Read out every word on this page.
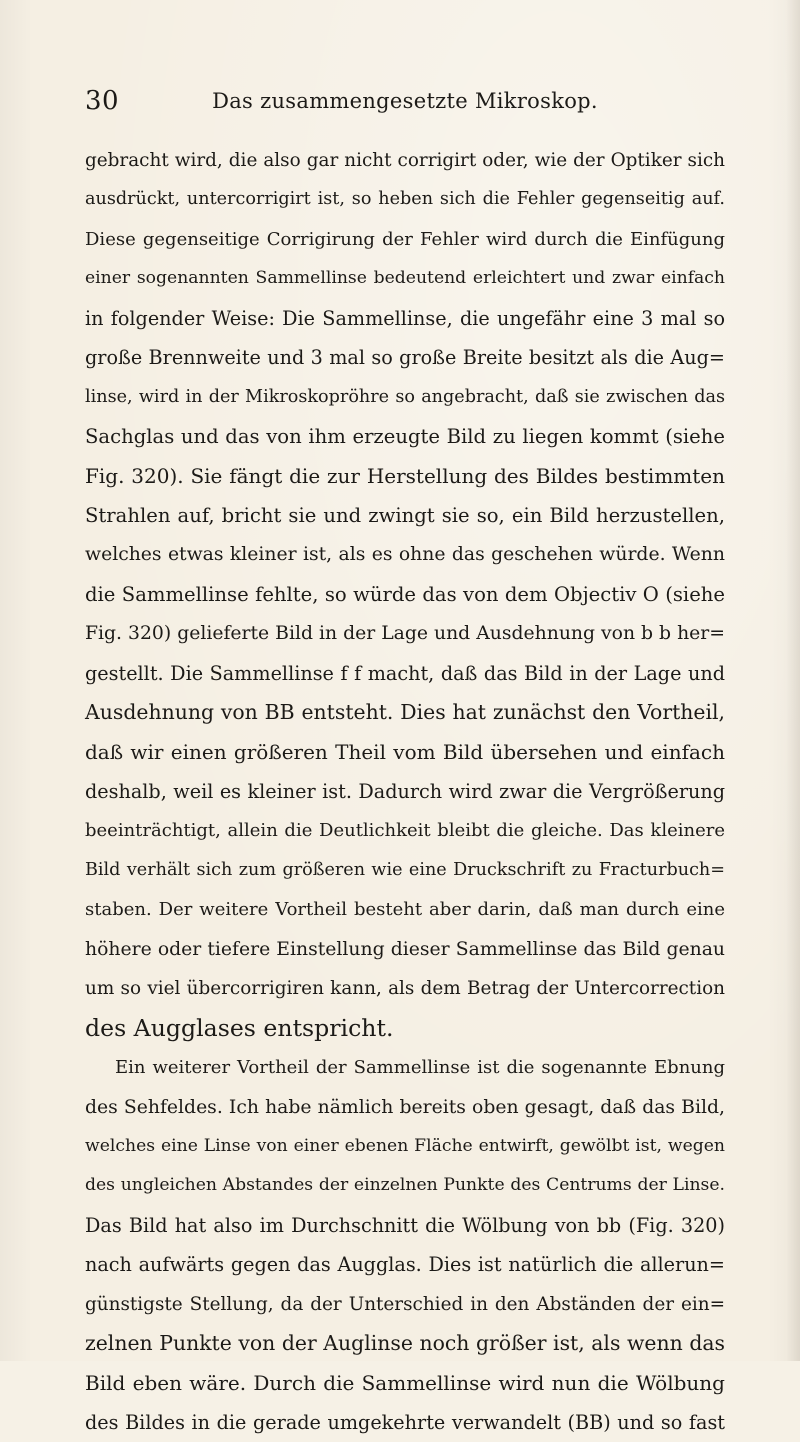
30	Das zusammengesetzte Mikroskop.
gebracht wird, die also gar nicht corrigirt oder, wie der Optiker sich
ausdrückt, untercorrigirt ist, so heben sich die Fehler gegenseitig auf.
Diese gegenseitige Corrigirung der Fehler wird durch die Einfügung
einer sogenannten Sammellinse bedeutend erleichtert und zwar einfach
in folgender Weise: Die Sammellinse, die ungefähr eine 3 mal so
große Brennweite und 3 mal so große Breite besitzt als die Aug=
linse, wird in der Mikroskopröhre so angebracht, daß sie zwischen das
Sachglas und das von ihm erzeugte Bild zu liegen kommt (siehe
Fig. 320). Sie fängt die zur Herstellung des Bildes bestimmten
Strahlen auf, bricht sie und zwingt sie so, ein Bild herzustellen,
welches etwas kleiner ist, als es ohne das geschehen würde. Wenn
die Sammellinse fehlte, so würde das von dem Objectiv O (siehe
Fig. 320) gelieferte Bild in der Lage und Ausdehnung von b b her=
gestellt. Die Sammellinse f f macht, daß das Bild in der Lage und
Ausdehnung von BB entsteht. Dies hat zunächst den Vortheil,
daß wir einen größeren Theil vom Bild übersehen und einfach
deshalb, weil es kleiner ist. Dadurch wird zwar die Vergrößerung
beeinträchtigt, allein die Deutlichkeit bleibt die gleiche. Das kleinere
Bild verhält sich zum größeren wie eine Druckschrift zu Fracturbuch=
staben. Der weitere Vortheil besteht aber darin, daß man durch eine
höhere oder tiefere Einstellung dieser Sammellinse das Bild genau
um so viel übercorrigiren kann, als dem Betrag der Untercorrection
des Augglases entspricht.
Ein weiterer Vortheil der Sammellinse ist die sogenannte Ebnung
des Sehfeldes. Ich habe nämlich bereits oben gesagt, daß das Bild,
welches eine Linse von einer ebenen Fläche entwirft, gewölbt ist, wegen
des ungleichen Abstandes der einzelnen Punkte des Centrums der Linse.
Das Bild hat also im Durchschnitt die Wölbung von bb (Fig. 320)
nach aufwärts gegen das Augglas. Dies ist natürlich die allerun=
günstigste Stellung, da der Unterschied in den Abständen der ein=
zelnen Punkte von der Auglinse noch größer ist, als wenn das
Bild eben wäre. Durch die Sammellinse wird nun die Wölbung
des Bildes in die gerade umgekehrte verwandelt (BB) und so fast
